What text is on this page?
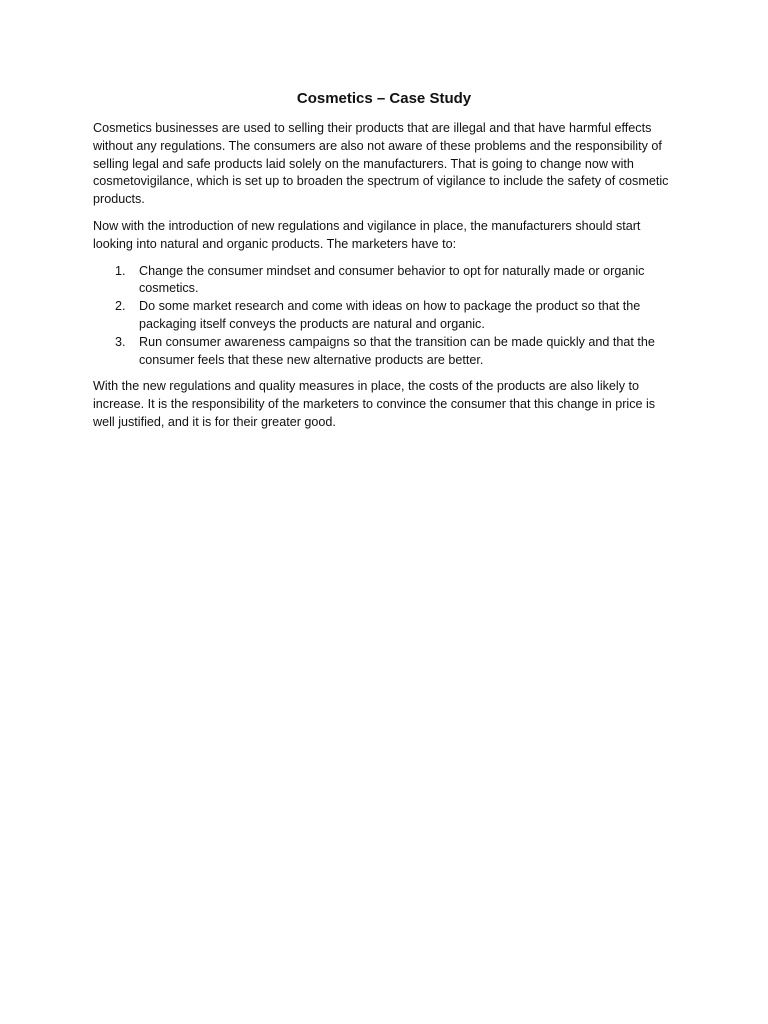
Cosmetics – Case Study

Cosmetics businesses are used to selling their products that are illegal and that have harmful effects without any regulations. The consumers are also not aware of these problems and the responsibility of selling legal and safe products laid solely on the manufacturers. That is going to change now with cosmetovigilance, which is set up to broaden the spectrum of vigilance to include the safety of cosmetic products.

Now with the introduction of new regulations and vigilance in place, the manufacturers should start looking into natural and organic products. The marketers have to:

1. Change the consumer mindset and consumer behavior to opt for naturally made or organic cosmetics.
2. Do some market research and come with ideas on how to package the product so that the packaging itself conveys the products are natural and organic.
3. Run consumer awareness campaigns so that the transition can be made quickly and that the consumer feels that these new alternative products are better.

With the new regulations and quality measures in place, the costs of the products are also likely to increase. It is the responsibility of the marketers to convince the consumer that this change in price is well justified, and it is for their greater good.
